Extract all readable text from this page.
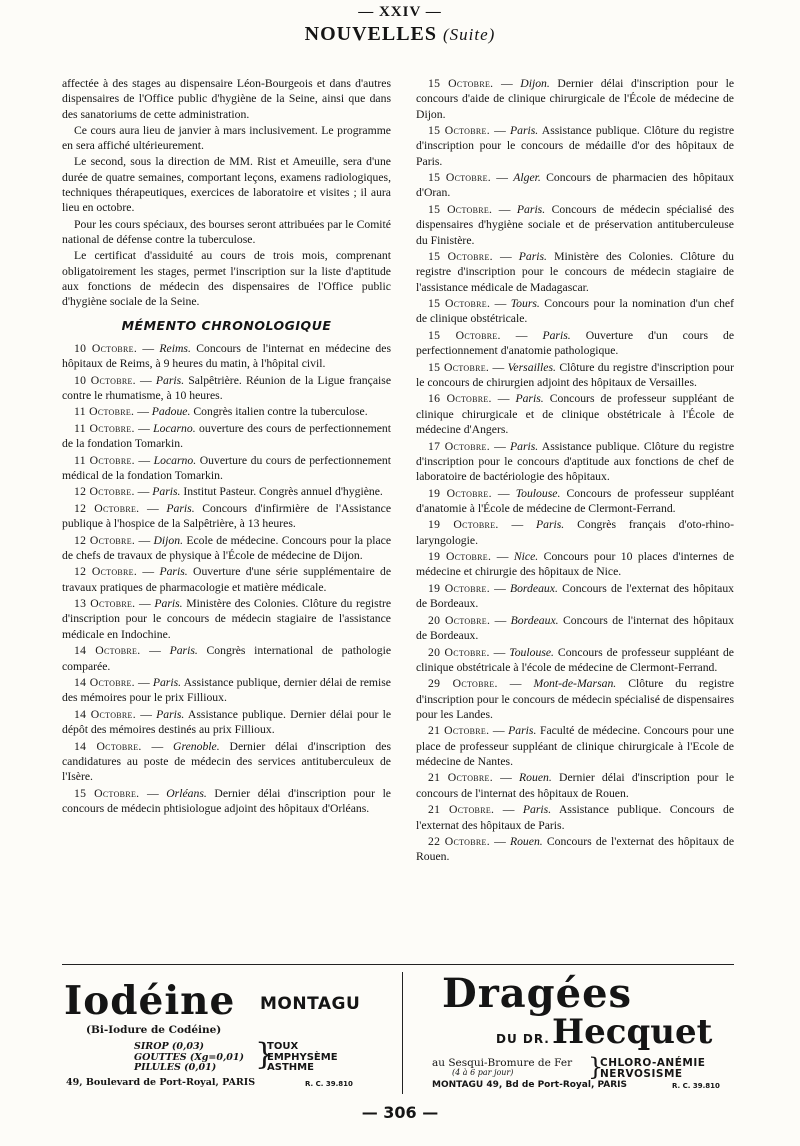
— XXIV —
NOUVELLES (Suite)

affectée à des stages au dispensaire Léon-Bourgeois et dans d'autres dispensaires de l'Office public d'hygiène de la Seine, ainsi que dans des sanatoriums de cette administration.

Ce cours aura lieu de janvier à mars inclusivement. Le programme en sera affiché ultérieurement.

Le second, sous la direction de MM. Rist et Ameuille, sera d'une durée de quatre semaines, comportant leçons, examens radiologiques, techniques thérapeutiques, exercices de laboratoire et visites ; il aura lieu en octobre.

Pour les cours spéciaux, des bourses seront attribuées par le Comité national de défense contre la tuberculose.

Le certificat d'assiduité au cours de trois mois, comprenant obligatoirement les stages, permet l'inscription sur la liste d'aptitude aux fonctions de médecin des dispensaires de l'Office public d'hygiène sociale de la Seine.

MÉMENTO CHRONOLOGIQUE

10 Octobre. — Reims. Concours de l'internat en médecine des hôpitaux de Reims, à 9 heures du matin, à l'hôpital civil.

10 Octobre. — Paris. Salpêtrière. Réunion de la Ligue française contre le rhumatisme, à 10 heures.

11 Octobre. — Padoue. Congrès italien contre la tuberculose.

11 Octobre. — Locarno. ouverture des cours de perfectionnement de la fondation Tomarkin.

11 Octobre. — Locarno. Ouverture du cours de perfectionnement médical de la fondation Tomarkin.

12 Octobre. — Paris. Institut Pasteur. Congrès annuel d'hygiène.

12 Octobre. — Paris. Concours d'infirmière de l'Assistance publique à l'hospice de la Salpêtrière, à 13 heures.

12 Octobre. — Dijon. Ecole de médecine. Concours pour la place de chefs de travaux de physique à l'École de médecine de Dijon.

12 Octobre. — Paris. Ouverture d'une série supplémentaire de travaux pratiques de pharmacologie et matière médicale.

13 Octobre. — Paris. Ministère des Colonies. Clôture du registre d'inscription pour le concours de médecin stagiaire de l'assistance médicale en Indochine.

14 Octobre. — Paris. Congrès international de pathologie comparée.

14 Octobre. — Paris. Assistance publique, dernier délai de remise des mémoires pour le prix Fillioux.

14 Octobre. — Paris. Assistance publique. Dernier délai pour le dépôt des mémoires destinés au prix Fillioux.

14 Octobre. — Grenoble. Dernier délai d'inscription des candidatures au poste de médecin des services antituberculeux de l'Isère.

15 Octobre. — Orléans. Dernier délai d'inscription pour le concours de médecin phtisiologue adjoint des hôpitaux d'Orléans.

15 Octobre. — Dijon. Dernier délai d'inscription pour le concours d'aide de clinique chirurgicale de l'École de médecine de Dijon.

15 Octobre. — Paris. Assistance publique. Clôture du registre d'inscription pour le concours de médaille d'or des hôpitaux de Paris.

15 Octobre. — Alger. Concours de pharmacien des hôpitaux d'Oran.

15 Octobre. — Paris. Concours de médecin spécialisé des dispensaires d'hygiène sociale et de préservation antituberculeuse du Finistère.

15 Octobre. — Paris. Ministère des Colonies. Clôture du registre d'inscription pour le concours de médecin stagiaire de l'assistance médicale de Madagascar.

15 Octobre. — Tours. Concours pour la nomination d'un chef de clinique obstétricale.

15 Octobre. — Paris. Ouverture d'un cours de perfectionnement d'anatomie pathologique.

15 Octobre. — Versailles. Clôture du registre d'inscription pour le concours de chirurgien adjoint des hôpitaux de Versailles.

16 Octobre. — Paris. Concours de professeur suppléant de clinique chirurgicale et de clinique obstétricale à l'École de médecine d'Angers.

17 Octobre. — Paris. Assistance publique. Clôture du registre d'inscription pour le concours d'aptitude aux fonctions de chef de laboratoire de bactériologie des hôpitaux.

19 Octobre. — Toulouse. Concours de professeur suppléant d'anatomie à l'École de médecine de Clermont-Ferrand.

19 Octobre. — Paris. Congrès français d'oto-rhino-laryngologie.

19 Octobre. — Nice. Concours pour 10 places d'internes de médecine et chirurgie des hôpitaux de Nice.

19 Octobre. — Bordeaux. Concours de l'externat des hôpitaux de Bordeaux.

20 Octobre. — Bordeaux. Concours de l'internat des hôpitaux de Bordeaux.

20 Octobre. — Toulouse. Concours de professeur suppléant de clinique obstétricale à l'école de médecine de Clermont-Ferrand.

29 Octobre. — Mont-de-Marsan. Clôture du registre d'inscription pour le concours de médecin spécialisé de dispensaires pour les Landes.

21 Octobre. — Paris. Faculté de médecine. Concours pour une place de professeur suppléant de clinique chirurgicale à l'Ecole de médecine de Nantes.

21 Octobre. — Rouen. Dernier délai d'inscription pour le concours de l'internat des hôpitaux de Rouen.

21 Octobre. — Paris. Assistance publique. Concours de l'externat des hôpitaux de Paris.

22 Octobre. — Rouen. Concours de l'externat des hôpitaux de Rouen.

Iodéine MONTAGU
(Bi-Iodure de Codéine)
SIROP (0,03)
GOUTTES (Xg=0,01)
PILULES (0,01)	}
TOUX
EMPHYSÈME
ASTHME
49, Boulevard de Port-Royal, PARIS	R. C. 39.810
Dragées
DU DR. Hecquet
au Sesqui-Bromure de Fer
(4 à 6 par jour)	}
CHLORO-ANÉMIE
NERVOSISME
MONTAGU 49, Bd de Port-Royal, PARIS	R. C. 39.810
— 306 —
